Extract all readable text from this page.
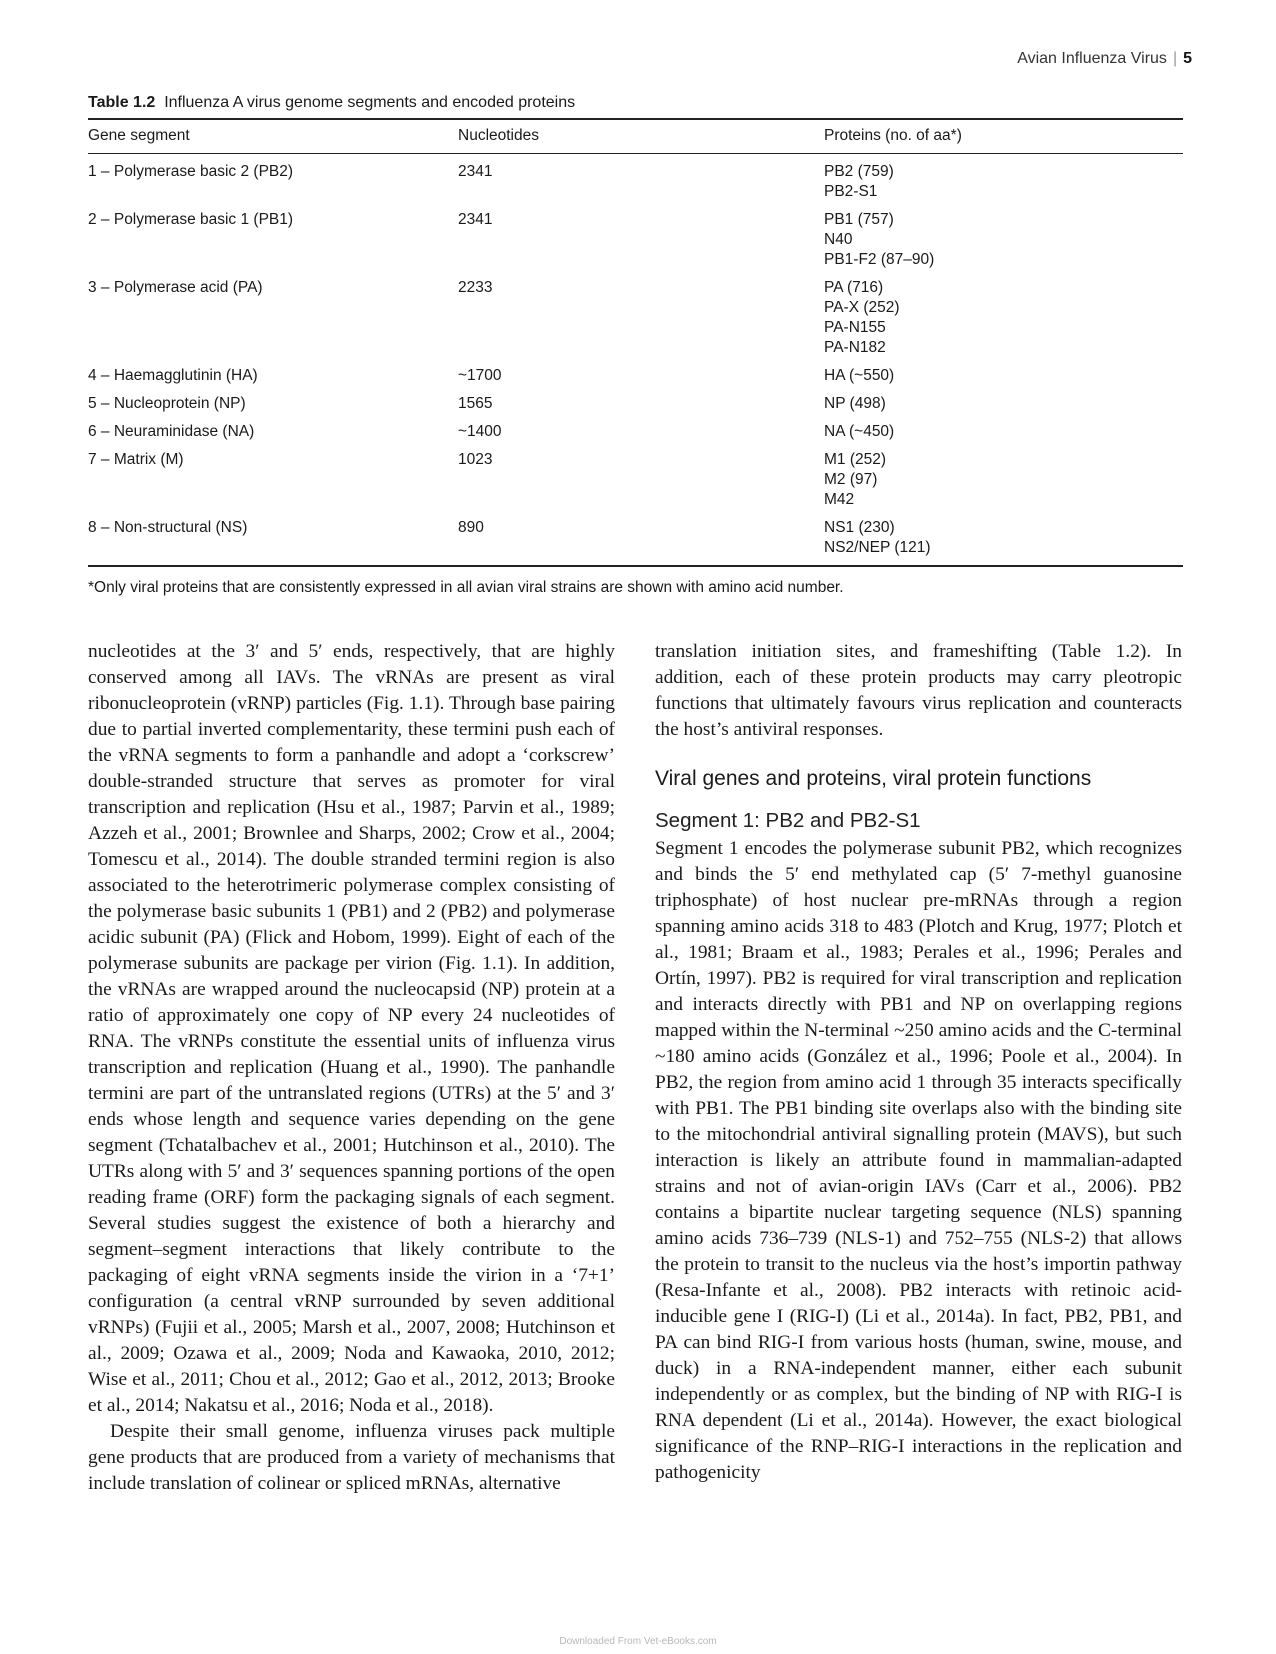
Avian Influenza Virus | 5
Table 1.2 Influenza A virus genome segments and encoded proteins
Gene segment	Nucleotides	Proteins (no. of aa*)
1 – Polymerase basic 2 (PB2)	2341	PB2 (759)
PB2-S1

2 – Polymerase basic 1 (PB1)	2341	PB1 (757)
N40
PB1-F2 (87–90)

3 – Polymerase acid (PA)	2233	PA (716)
PA-X (252)
PA-N155
PA-N182

4 – Haemagglutinin (HA)	~1700	HA (~550)

5 – Nucleoprotein (NP)	1565	NP (498)

6 – Neuraminidase (NA)	~1400	NA (~450)

7 – Matrix (M)	1023	M1 (252)
M2 (97)
M42

8 – Non-structural (NS)	890	NS1 (230)
NS2/NEP (121)
*Only viral proteins that are consistently expressed in all avian viral strains are shown with amino acid number.

nucleotides at the 3′ and 5′ ends, respectively, that are highly conserved among all IAVs. The vRNAs are present as viral ribonucleoprotein (vRNP) particles (Fig. 1.1). Through base pairing due to partial inverted complementarity, these termini push each of the vRNA segments to form a panhandle and adopt a ‘corkscrew’ double-stranded structure that serves as promoter for viral transcription and replication (Hsu et al., 1987; Parvin et al., 1989; Azzeh et al., 2001; Brownlee and Sharps, 2002; Crow et al., 2004; Tomescu et al., 2014). The double stranded termini region is also associated to the heterotrimeric polymerase complex consisting of the polymerase basic subunits 1 (PB1) and 2 (PB2) and polymerase acidic subunit (PA) (Flick and Hobom, 1999). Eight of each of the polymerase subunits are package per virion (Fig. 1.1). In addition, the vRNAs are wrapped around the nucleocapsid (NP) protein at a ratio of approximately one copy of NP every 24 nucleotides of RNA. The vRNPs constitute the essential units of influenza virus transcription and replication (Huang et al., 1990). The panhandle termini are part of the untranslated regions (UTRs) at the 5′ and 3′ ends whose length and sequence varies depending on the gene segment (Tchatalbachev et al., 2001; Hutchinson et al., 2010). The UTRs along with 5′ and 3′ sequences spanning portions of the open reading frame (ORF) form the packaging signals of each segment. Several studies suggest the existence of both a hierarchy and segment–segment interactions that likely contribute to the packaging of eight vRNA segments inside the virion in a ‘7+1’ configuration (a central vRNP surrounded by seven additional vRNPs) (Fujii et al., 2005; Marsh et al., 2007, 2008; Hutchinson et al., 2009; Ozawa et al., 2009; Noda and Kawaoka, 2010, 2012; Wise et al., 2011; Chou et al., 2012; Gao et al., 2012, 2013; Brooke et al., 2014; Nakatsu et al., 2016; Noda et al., 2018).

Despite their small genome, influenza viruses pack multiple gene products that are produced from a variety of mechanisms that include translation of colinear or spliced mRNAs, alternative

translation initiation sites, and frameshifting (Table 1.2). In addition, each of these protein products may carry pleotropic functions that ultimately favours virus replication and counteracts the host’s antiviral responses.

Viral genes and proteins, viral protein functions
Segment 1: PB2 and PB2-S1

Segment 1 encodes the polymerase subunit PB2, which recognizes and binds the 5′ end methylated cap (5′ 7-methyl guanosine triphosphate) of host nuclear pre-mRNAs through a region spanning amino acids 318 to 483 (Plotch and Krug, 1977; Plotch et al., 1981; Braam et al., 1983; Perales et al., 1996; Perales and Ortín, 1997). PB2 is required for viral transcription and replication and interacts directly with PB1 and NP on overlapping regions mapped within the N-terminal ~250 amino acids and the C-terminal ~180 amino acids (González et al., 1996; Poole et al., 2004). In PB2, the region from amino acid 1 through 35 interacts specifically with PB1. The PB1 binding site overlaps also with the binding site to the mitochondrial antiviral signalling protein (MAVS), but such interaction is likely an attribute found in mammalian-adapted strains and not of avian-origin IAVs (Carr et al., 2006). PB2 contains a bipartite nuclear targeting sequence (NLS) spanning amino acids 736–739 (NLS-1) and 752–755 (NLS-2) that allows the protein to transit to the nucleus via the host’s importin pathway (Resa-Infante et al., 2008). PB2 interacts with retinoic acid-inducible gene I (RIG-I) (Li et al., 2014a). In fact, PB2, PB1, and PA can bind RIG-I from various hosts (human, swine, mouse, and duck) in a RNA-independent manner, either each subunit independently or as complex, but the binding of NP with RIG-I is RNA dependent (Li et al., 2014a). However, the exact biological significance of the RNP–RIG-I interactions in the replication and pathogenicity

Downloaded From Vet-eBooks.com
